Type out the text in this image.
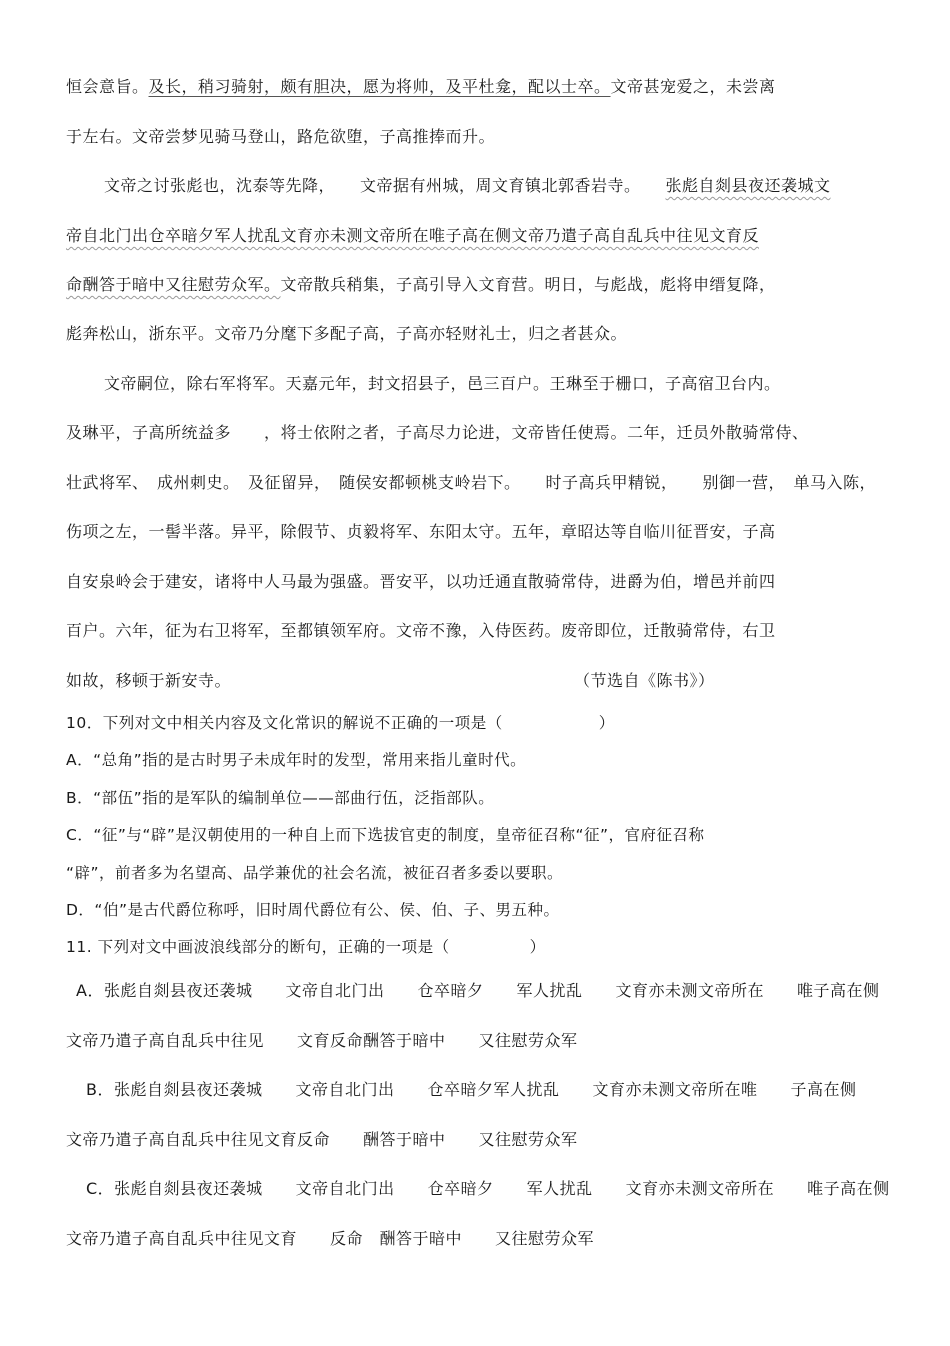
恒会意旨。及长，稍习骑射，颇有胆决，愿为将帅，及平杜龛，配以士卒。文帝甚宠爱之，未尝离
于左右。文帝尝梦见骑马登山，路危欲堕，子高推捧而升。
文帝之讨张彪也，沈泰等先降，　　文帝据有州城，周文育镇北郭香岩寺。　　张彪自剡县夜还袭城文
帝自北门出仓卒暗夕军人扰乱文育亦未测文帝所在唯子高在侧文帝乃遣子高自乱兵中往见文育反
命酬答于暗中又往慰劳众军。文帝散兵稍集，子高引导入文育营。明日，与彪战，彪将申缙复降，
彪奔松山，浙东平。文帝乃分麾下多配子高，子高亦轻财礼士，归之者甚众。
文帝嗣位，除右军将军。天嘉元年，封文招县子，邑三百户。王琳至于栅口，子高宿卫台内。
及琳平，子高所统益多　　，将士依附之者，子高尽力论进，文帝皆任使焉。二年，迁员外散骑常侍、
壮武将军、　成州刺史。　及征留异，　随侯安都顿桃支岭岩下。　　时子高兵甲精锐，　　别御一营，　单马入陈，
伤项之左，一髻半落。异平，除假节、贞毅将军、东阳太守。五年，章昭达等自临川征晋安，子高
自安泉岭会于建安，诸将中人马最为强盛。晋安平，以功迁通直散骑常侍，进爵为伯，增邑并前四
百户。六年，征为右卫将军，至都镇领军府。文帝不豫，入侍医药。废帝即位，迁散骑常侍，右卫
如故，移顿于新安寺。	（节选自《陈书》）
10．下列对文中相关内容及文化常识的解说不正确的一项是（　　　　　　）
A．“总角”指的是古时男子未成年时的发型，常用来指儿童时代。
B．“部伍”指的是军队的编制单位——部曲行伍，泛指部队。
C．“征”与“辟”是汉朝使用的一种自上而下选拔官吏的制度，皇帝征召称“征”，官府征召称
“辟”，前者多为名望高、品学兼优的社会名流，被征召者多委以要职。
D．“伯”是古代爵位称呼，旧时周代爵位有公、侯、伯、子、男五种。
11. 下列对文中画波浪线部分的断句，正确的一项是（　　　　　）
A．张彪自剡县夜还袭城　　文帝自北门出　　仓卒暗夕　　军人扰乱　　文育亦未测文帝所在　　唯子高在侧
文帝乃遣子高自乱兵中往见　　文育反命酬答于暗中　　又往慰劳众军
B．张彪自剡县夜还袭城　　文帝自北门出　　仓卒暗夕军人扰乱　　文育亦未测文帝所在唯　　子高在侧
文帝乃遣子高自乱兵中往见文育反命　　酬答于暗中　　又往慰劳众军
C．张彪自剡县夜还袭城　　文帝自北门出　　仓卒暗夕　　军人扰乱　　文育亦未测文帝所在　　唯子高在侧
文帝乃遣子高自乱兵中往见文育　　反命　酬答于暗中　　又往慰劳众军
